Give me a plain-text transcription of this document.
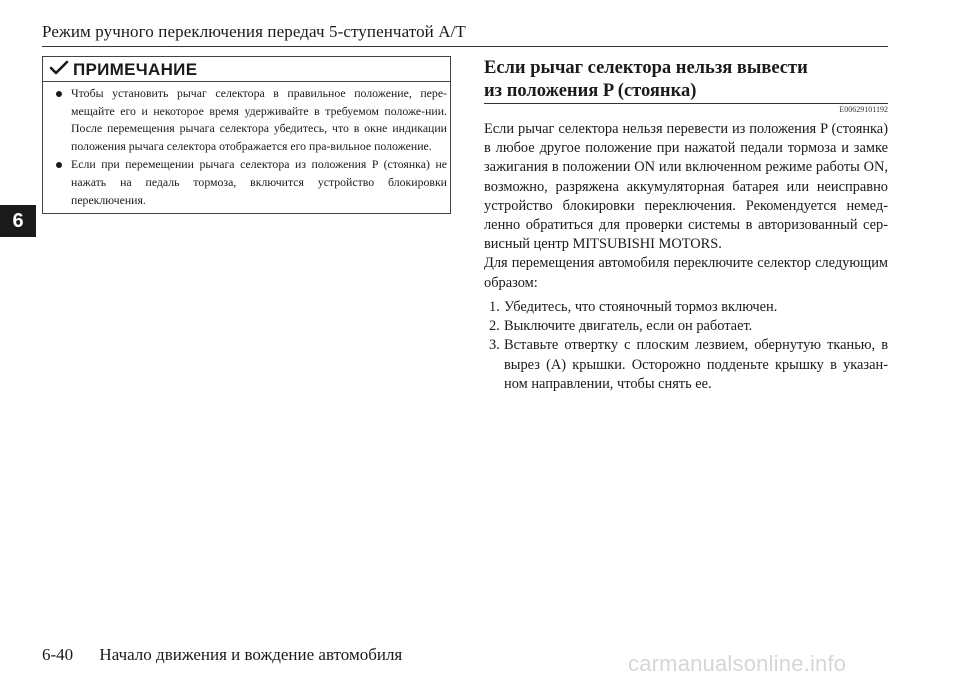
Режим ручного переключения передач 5-ступенчатой A/T
6
ПРИМЕЧАНИЕ
Чтобы установить рычаг селектора в правильное положение, пере-мещайте его и некоторое время удерживайте в требуемом положе-нии. После перемещения рычага селектора убедитесь, что в окне индикации положения рычага селектора отображается его пра-вильное положение.
Если при перемещении рычага селектора из положения P (стоянка) не нажать на педаль тормоза, включится устройство блокировки переключения.
Если рычаг селектора нельзя вывести
из положения P (стоянка)
E00629101192

Если рычаг селектора нельзя перевести из положения P (стоянка) в любое другое положение при нажатой педали тормоза и замке зажигания в положении ON или включенном режиме работы ON, возможно, разряжена аккумуляторная батарея или неисправно устройство блокировки переключения. Рекомендуется немед-ленно обратиться для проверки системы в авторизованный сер-висный центр MITSUBISHI MOTORS.

Для перемещения автомобиля переключите селектор следующим образом:

1. Убедитесь, что стояночный тормоз включен.
2. Выключите двигатель, если он работает.
3. Вставьте отвертку с плоским лезвием, обернутую тканью, в вырез (A) крышки. Осторожно подденьте крышку в указан-ном направлении, чтобы снять ее.
6-40 Начало движения и вождение автомобиля	carmanualsonline.info
